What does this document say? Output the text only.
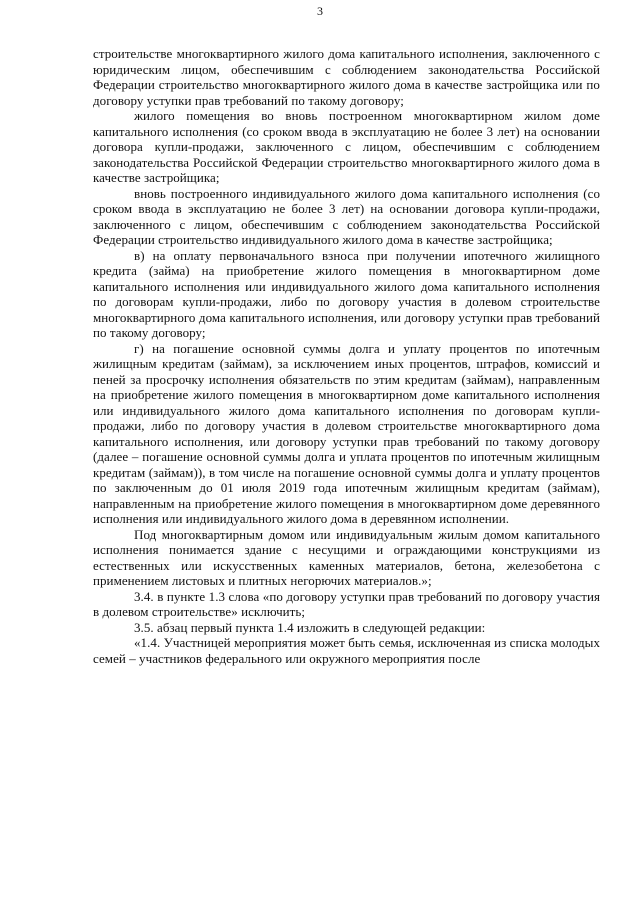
3

строительстве многоквартирного жилого дома капитального исполнения, заключенного с юридическим лицом, обеспечившим с соблюдением законодательства Российской Федерации строительство многоквартирного жилого дома в качестве застройщика или по договору уступки прав требований по такому договору;

жилого помещения во вновь построенном многоквартирном жилом доме капитального исполнения (со сроком ввода в эксплуатацию не более 3 лет) на основании договора купли-продажи, заключенного с лицом, обеспечившим с соблюдением законодательства Российской Федерации строительство многоквартирного жилого дома в качестве застройщика;

вновь построенного индивидуального жилого дома капитального исполнения (со сроком ввода в эксплуатацию не более 3 лет) на основании договора купли-продажи, заключенного с лицом, обеспечившим с соблюдением законодательства Российской Федерации строительство индивидуального жилого дома в качестве застройщика;

в) на оплату первоначального взноса при получении ипотечного жилищного кредита (займа) на приобретение жилого помещения в многоквартирном доме капитального исполнения или индивидуального жилого дома капитального исполнения по договорам купли-продажи, либо по договору участия в долевом строительстве многоквартирного дома капитального исполнения, или договору уступки прав требований по такому договору;

г) на погашение основной суммы долга и уплату процентов по ипотечным жилищным кредитам (займам), за исключением иных процентов, штрафов, комиссий и пеней за просрочку исполнения обязательств по этим кредитам (займам), направленным на приобретение жилого помещения в многоквартирном доме капитального исполнения или индивидуального жилого дома капитального исполнения по договорам купли-продажи, либо по договору участия в долевом строительстве многоквартирного дома капитального исполнения, или договору уступки прав требований по такому договору (далее – погашение основной суммы долга и уплата процентов по ипотечным жилищным кредитам (займам)), в том числе на погашение основной суммы долга и уплату процентов по заключенным до 01 июля 2019 года ипотечным жилищным кредитам (займам), направленным на приобретение жилого помещения в многоквартирном доме деревянного исполнения или индивидуального жилого дома в деревянном исполнении.

Под многоквартирным домом или индивидуальным жилым домом капитального исполнения понимается здание с несущими и ограждающими конструкциями из естественных или искусственных каменных материалов, бетона, железобетона с применением листовых и плитных негорючих материалов.»;

3.4. в пункте 1.3 слова «по договору уступки прав требований по договору участия в долевом строительстве» исключить;

3.5. абзац первый пункта 1.4 изложить в следующей редакции:

«1.4. Участницей мероприятия может быть семья, исключенная из списка молодых семей – участников федерального или окружного мероприятия после
